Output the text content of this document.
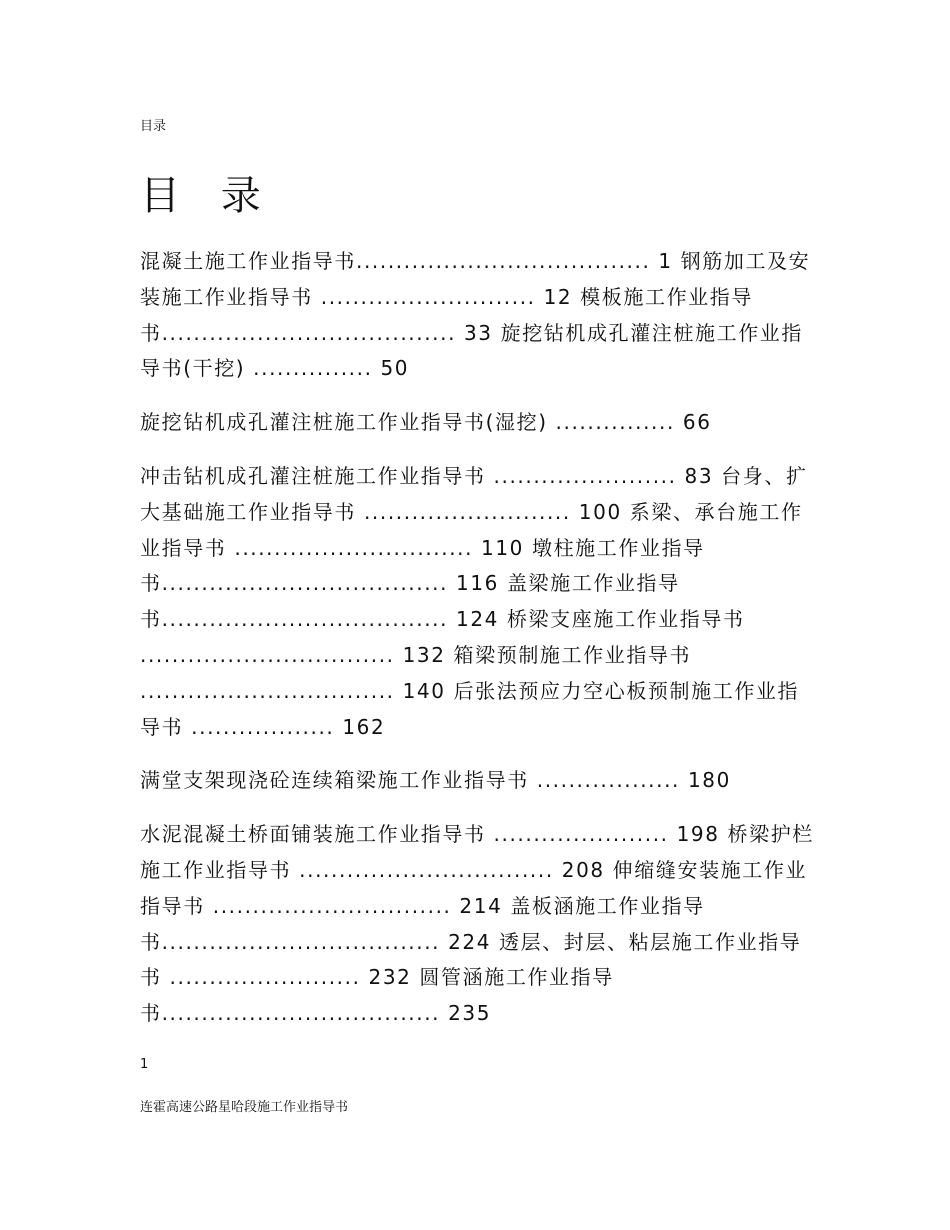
目录
目 录

混凝土施工作业指导书..................................... 1 钢筋加工及安装施工作业指导书 ........................... 12 模板施工作业指导书..................................... 33 旋挖钻机成孔灌注桩施工作业指导书(干挖) ............... 50

旋挖钻机成孔灌注桩施工作业指导书(湿挖) ............... 66

冲击钻机成孔灌注桩施工作业指导书 ....................... 83 台身、扩大基础施工作业指导书 .......................... 100 系梁、承台施工作业指导书 .............................. 110 墩柱施工作业指导书.................................... 116 盖梁施工作业指导书.................................... 124 桥梁支座施工作业指导书 ................................ 132 箱梁预制施工作业指导书 ................................ 140 后张法预应力空心板预制施工作业指导书 .................. 162

满堂支架现浇砼连续箱梁施工作业指导书 .................. 180

水泥混凝土桥面铺装施工作业指导书 ...................... 198 桥梁护栏施工作业指导书 ................................ 208 伸缩缝安装施工作业指导书 .............................. 214 盖板涵施工作业指导书................................... 224 透层、封层、粘层施工作业指导书 ........................ 232 圆管涵施工作业指导书................................... 235

1
连霍高速公路星哈段施工作业指导书
